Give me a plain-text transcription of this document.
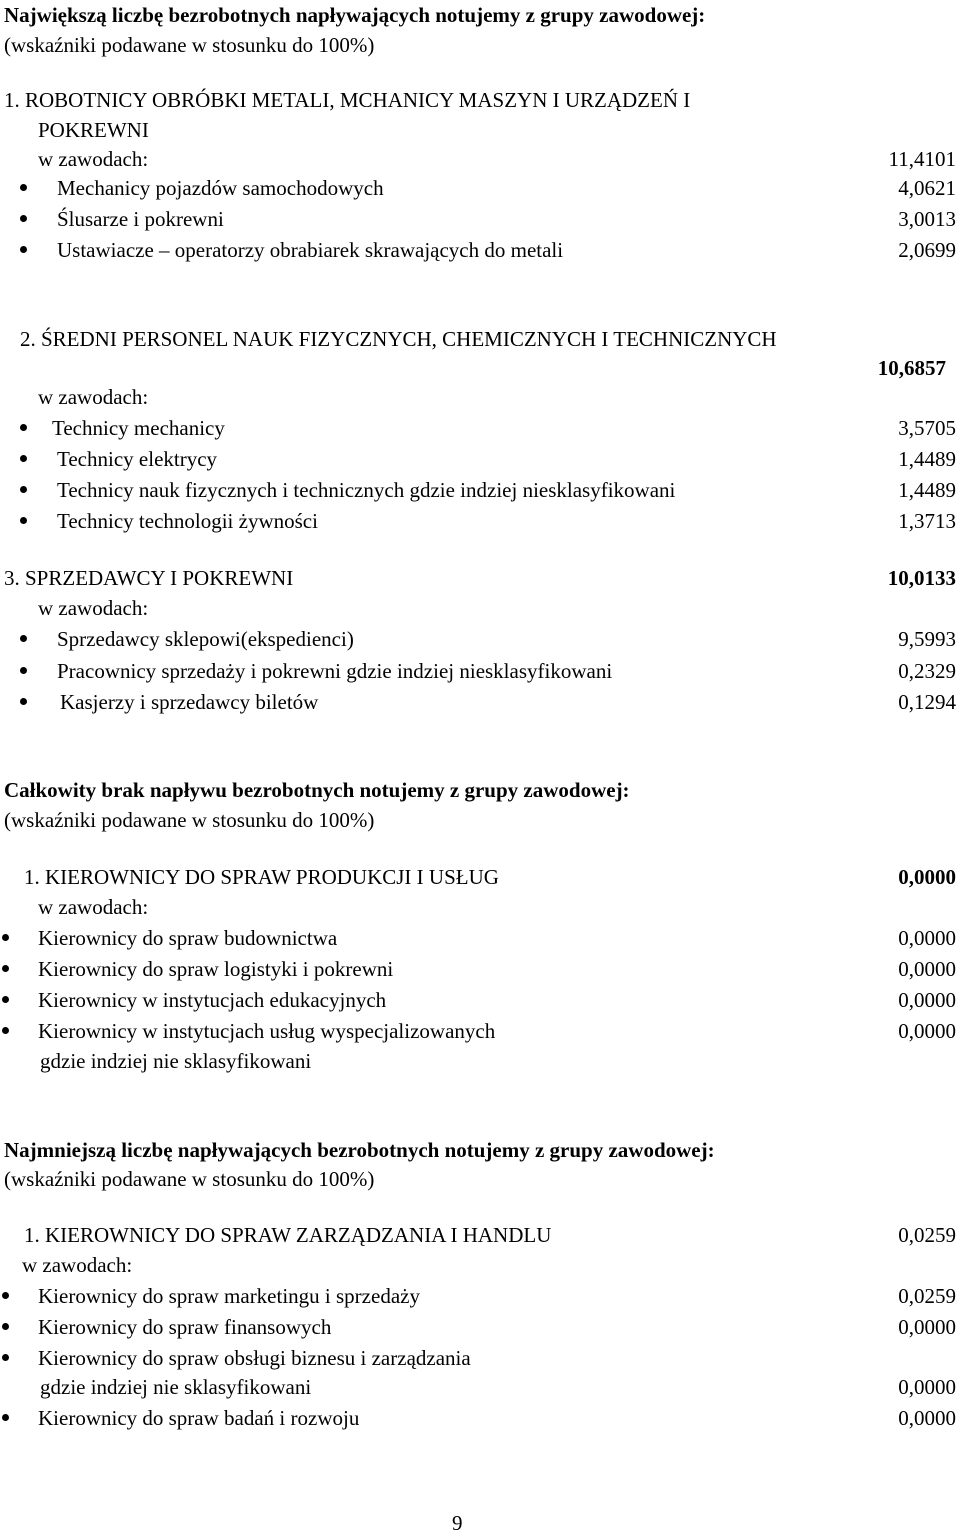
Największą liczbę bezrobotnych napływających notujemy z grupy zawodowej:
(wskaźniki podawane w stosunku do 100%)
1. ROBOTNICY OBRÓBKI METALI, MCHANICY MASZYN I URZĄDZEŃ I
POKREWNI
w zawodach:	11,4101
Mechanicy pojazdów samochodowych	4,0621
Ślusarze i pokrewni	3,0013
Ustawiacze – operatorzy obrabiarek skrawających do metali	2,0699
2. ŚREDNI PERSONEL NAUK FIZYCZNYCH, CHEMICZNYCH I TECHNICZNYCH
10,6857
w zawodach:
Technicy mechanicy	3,5705
Technicy elektrycy	1,4489
Technicy nauk fizycznych i technicznych gdzie indziej niesklasyfikowani	1,4489
Technicy technologii żywności	1,3713
3. SPRZEDAWCY I POKREWNI	10,0133
w zawodach:
Sprzedawcy sklepowi(ekspedienci)	9,5993
Pracownicy sprzedaży i pokrewni gdzie indziej niesklasyfikowani	0,2329
Kasjerzy i sprzedawcy biletów	0,1294
Całkowity brak napływu bezrobotnych notujemy z grupy zawodowej:
(wskaźniki podawane w stosunku do 100%)
1. KIEROWNICY DO SPRAW PRODUKCJI I USŁUG	0,0000
w zawodach:
Kierownicy do spraw budownictwa	0,0000
Kierownicy do spraw logistyki i pokrewni	0,0000
Kierownicy w instytucjach edukacyjnych	0,0000
Kierownicy w instytucjach usług wyspecjalizowanych	0,0000
gdzie indziej nie sklasyfikowani
Najmniejszą liczbę napływających bezrobotnych notujemy z grupy zawodowej:
(wskaźniki podawane w stosunku do 100%)
1. KIEROWNICY DO SPRAW ZARZĄDZANIA I HANDLU	0,0259
w zawodach:
Kierownicy do spraw marketingu i sprzedaży	0,0259
Kierownicy do spraw finansowych	0,0000
Kierownicy do spraw obsługi biznesu i zarządzania
gdzie indziej nie sklasyfikowani	0,0000
Kierownicy do spraw badań i rozwoju	0,0000
9
